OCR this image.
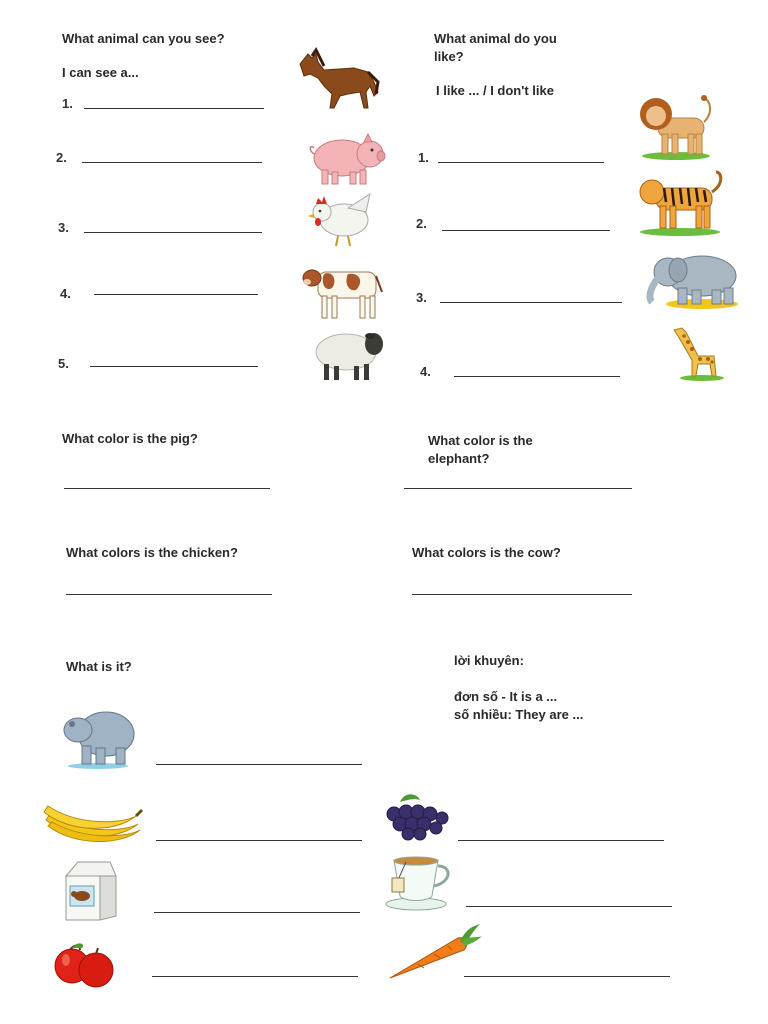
What animal can you see?
I can see a...
1.
2.
3.
4.
5.
What animal do you like?
I like ... / I don't like
1.
2.
3.
4.
What color is the pig?	What color is the elephant?
What colors is the chicken?	What colors is the cow?
What is it?	lời khuyên:
đơn số - It is a ...
số nhiều: They are ...
